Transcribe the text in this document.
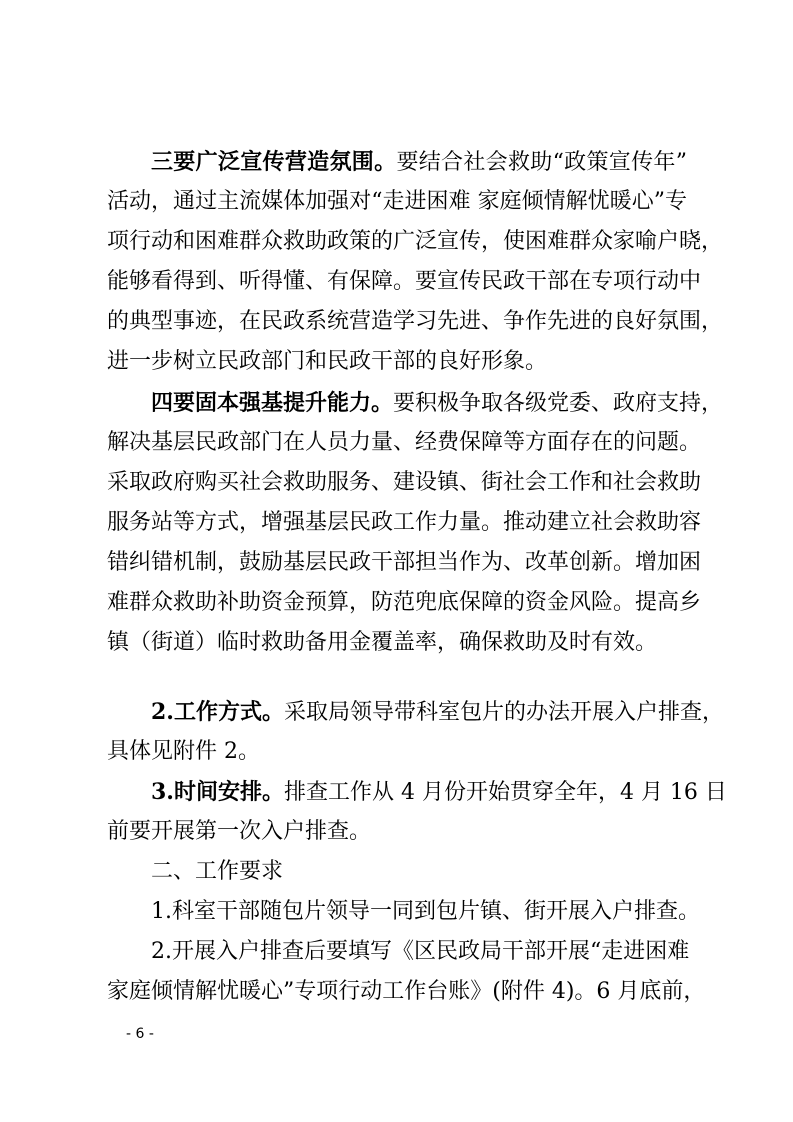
三要广泛宣传营造氛围。要结合社会救助“政策宣传年”
活动，通过主流媒体加强对“走进困难 家庭倾情解忧暖心”专
项行动和困难群众救助政策的广泛宣传，使困难群众家喻户晓，
能够看得到、听得懂、有保障。要宣传民政干部在专项行动中
的典型事迹，在民政系统营造学习先进、争作先进的良好氛围，
进一步树立民政部门和民政干部的良好形象。
四要固本强基提升能力。要积极争取各级党委、政府支持，
解决基层民政部门在人员力量、经费保障等方面存在的问题。
采取政府购买社会救助服务、建设镇、街社会工作和社会救助
服务站等方式，增强基层民政工作力量。推动建立社会救助容
错纠错机制，鼓励基层民政干部担当作为、改革创新。增加困
难群众救助补助资金预算，防范兜底保障的资金风险。提高乡
镇（街道）临时救助备用金覆盖率，确保救助及时有效。
2.工作方式。采取局领导带科室包片的办法开展入户排查，
具体见附件 2。
3.时间安排。排查工作从 4 月份开始贯穿全年，4 月 16 日
前要开展第一次入户排查。
二、工作要求
1.科室干部随包片领导一同到包片镇、街开展入户排查。
2.开展入户排查后要填写《区民政局干部开展“走进困难
家庭倾情解忧暖心”专项行动工作台账》(附件 4)。6 月底前，
- 6 -
